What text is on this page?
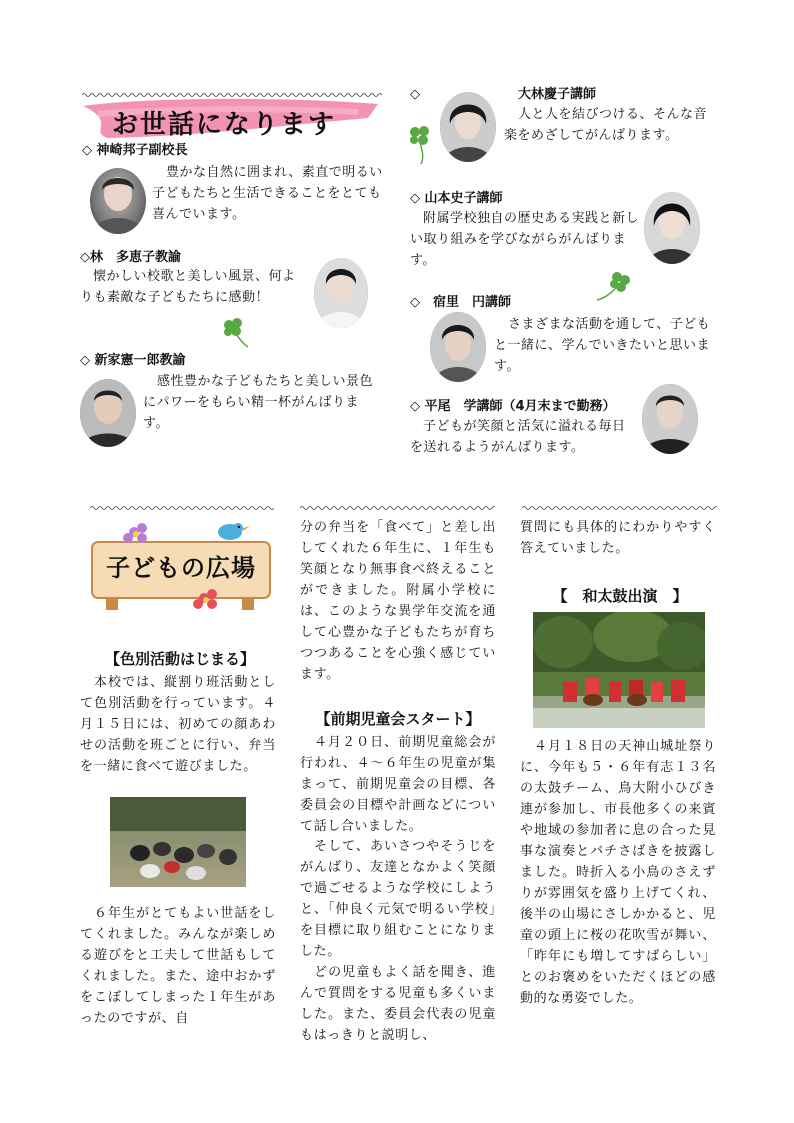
お世話になります
◇ 神崎邦子副校長

豊かな自然に囲まれ、素直で明るい子どもたちと生活できることをとても喜んでいます。

◇林　多恵子教諭

懐かしい校歌と美しい風景、何よりも素敵な子どもたちに感動！

◇ 新家憲一郎教諭

感性豊かな子どもたちと美しい景色にパワーをもらい精一杯がんばります。

◇	大林慶子講師

人と人を結びつける、そんな音楽をめざしてがんばります。

◇ 山本史子講師

附属学校独自の歴史ある実践と新しい取り組みを学びながらがんばります。

◇　宿里　円講師

さまざまな活動を通して、子どもと一緒に、学んでいきたいと思います。

◇ 平尾　学講師（4月末まで勤務）

子どもが笑顔と活気に溢れる毎日を送れるようがんばります。

子どもの広場
【色別活動はじまる】

本校では、縦割り班活動として色別活動を行っています。４月１５日には、初めての顔あわせの活動を班ごとに行い、弁当を一緒に食べて遊びました。

６年生がとてもよい世話をしてくれました。みんなが楽しめる遊びをと工夫して世話もしてくれました。また、途中おかずをこぼしてしまった１年生があったのですが、自

分の弁当を「食べて」と差し出してくれた６年生に、１年生も笑顔となり無事食べ終えることができました。附属小学校には、このような異学年交流を通して心豊かな子どもたちが育ちつつあることを心強く感じています。

【前期児童会スタート】

４月２０日、前期児童総会が行われ、４～６年生の児童が集まって、前期児童会の目標、各委員会の目標や計画などについて話し合いました。

そして、あいさつやそうじをがんばり、友達となかよく笑顔で過ごせるような学校にしようと、「仲良く元気で明るい学校」を目標に取り組むことになりました。

どの児童もよく話を聞き、進んで質問をする児童も多くいました。また、委員会代表の児童もはっきりと説明し、

質問にも具体的にわかりやすく答えていました。

【　和太鼓出演　】

４月１８日の天神山城址祭りに、今年も５・６年有志１３名の太鼓チーム、鳥大附小ひびき連が参加し、市長他多くの来賓や地域の参加者に息の合った見事な演奏とバチさばきを披露しました。時折入る小鳥のさえずりが雰囲気を盛り上げてくれ、後半の山場にさしかかると、児童の頭上に桜の花吹雪が舞い、「昨年にも増してすばらしい」とのお褒めをいただくほどの感動的な勇姿でした。
